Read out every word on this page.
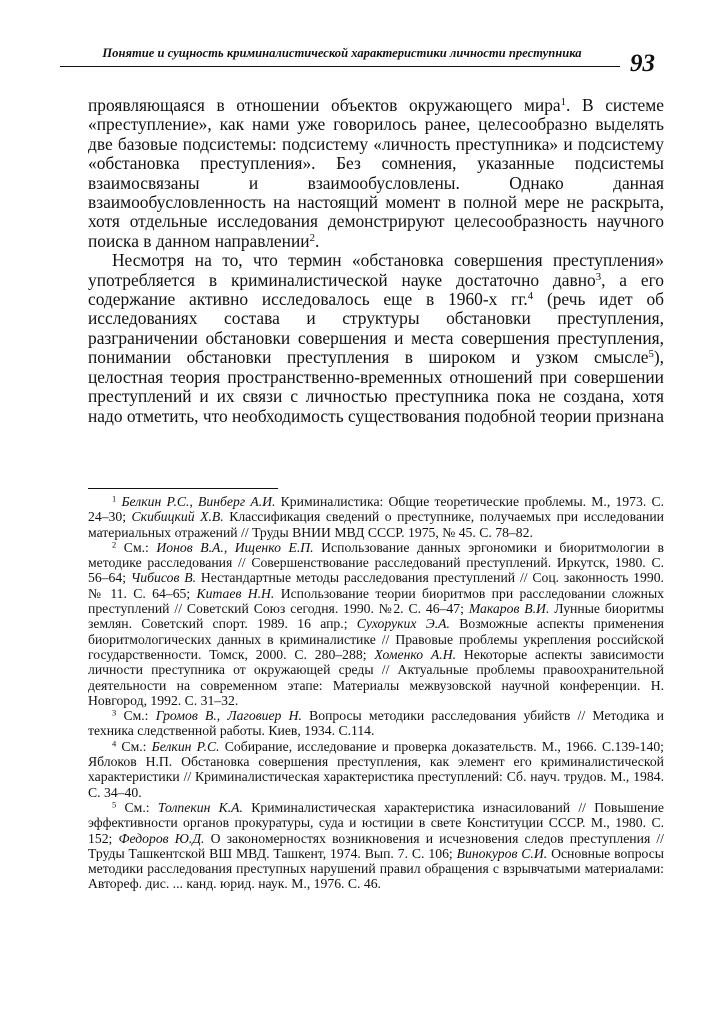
Понятие и сущность криминалистической характеристики личности преступника	93

проявляющаяся в отношении объектов окружающего мира$^1$. В системе «преступление», как нами уже говорилось ранее, целесообразно выделять две базовые подсистемы: подсистему «личность преступника» и подсистему «обстановка преступления». Без сомнения, указанные подсистемы взаимосвязаны и взаимообусловлены. Однако данная взаимообусловленность на настоящий момент в полной мере не раскрыта, хотя отдельные исследования демонстрируют целесообразность научного поиска в данном направлении$^2$.

Несмотря на то, что термин «обстановка совершения преступления» употребляется в криминалистической науке достаточно давно$^3$, а его содержание активно исследовалось еще в 1960-х гг.$^4$ (речь идет об исследованиях состава и структуры обстановки преступления, разграничении обстановки совершения и места совершения преступления, понимании обстановки преступления в широком и узком смысле$^5$), целостная теория пространственно-временных отношений при совершении преступлений и их связи с личностью преступника пока не создана, хотя надо отметить, что необходимость существования подобной теории признана

$^1$ Белкин Р.С., Винберг А.И. Криминалистика: Общие теоретические проблемы. М., 1973. С. 24–30; Скибицкий Х.В. Классификация сведений о преступнике, получаемых при исследовании материальных отражений // Труды ВНИИ МВД СССР. 1975, № 45. С. 78–82.

$^2$ См.: Ионов В.А., Ищенко Е.П. Использование данных эргономики и биоритмологии в методике расследования // Совершенствование расследований преступлений. Иркутск, 1980. С. 56–64; Чибисов В. Нестандартные методы расследования преступлений // Соц. законность 1990. № 11. С. 64–65; Китаев Н.Н. Использование теории биоритмов при расследовании сложных преступлений // Советский Союз сегодня. 1990. №2. С. 46–47; Макаров В.И. Лунные биоритмы землян. Советский спорт. 1989. 16 апр.; Сухоруких Э.А. Возможные аспекты применения биоритмологических данных в криминалистике // Правовые проблемы укрепления российской государственности. Томск, 2000. С. 280–288; Хоменко А.Н. Некоторые аспекты зависимости личности преступника от окружающей среды // Актуальные проблемы правоохранительной деятельности на современном этапе: Материалы межвузовской научной конференции. Н. Новгород, 1992. С. 31–32.

$^3$ См.: Громов В., Лаговиер Н. Вопросы методики расследования убийств // Методика и техника следственной работы. Киев, 1934. С.114.

$^4$ См.: Белкин Р.С. Собирание, исследование и проверка доказательств. М., 1966. С.139-140; Яблоков Н.П. Обстановка совершения преступления, как элемент его криминалистической характеристики // Криминалистическая характеристика преступлений: Сб. науч. трудов. М., 1984. С. 34–40.

$^5$ См.: Толпекин К.А. Криминалистическая характеристика изнасилований // Повышение эффективности органов прокуратуры, суда и юстиции в свете Конституции СССР. М., 1980. С. 152; Федоров Ю.Д. О закономерностях возникновения и исчезновения следов преступления // Труды Ташкентской ВШ МВД. Ташкент, 1974. Вып. 7. С. 106; Винокуров С.И. Основные вопросы методики расследования преступных нарушений правил обращения с взрывчатыми материалами: Автореф. дис. ... канд. юрид. наук. М., 1976. С. 46.
